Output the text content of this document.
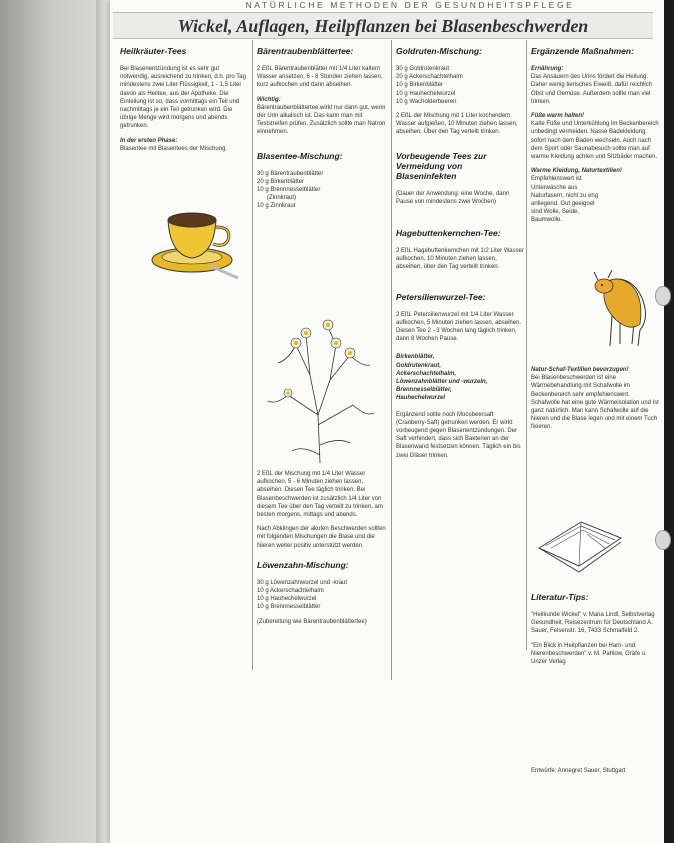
NATÜRLICHE METHODEN DER GESUNDHEITSPFLEGE
Wickel, Auflagen, Heilpflanzen bei Blasenbeschwerden
Heilkräuter-Tees
Bei Blasenentzündung ist es sehr gut notwendig, ausreichend zu trinken, d.h. pro Tag mindestens zwei Liter Flüssigkeit, 1 - 1,5 Liter davon als Heiltee, aus der Apotheke. Die Einteilung ist so, dass vormittags ein Teil und nachmittags je ein Teil getrunken wird. Die übrige Menge wird morgens und abends getrunken.
In der ersten Phase:
Blasentee mit Blasentees der Mischung.
Bärentraubenblättertee:
2 EßL Bärentraubenblätter mit 1/4 Liter kaltem Wasser ansetzen, 6 - 8 Stunden ziehen lassen, kurz aufkochen und dann abseihen.
Wichtig:
Bärentraubenblättertee wirkt nur dann gut, wenn der Urin alkalisch ist. Das kann man mit Teststreifen prüfen. Zusätzlich sollte man Natron einnehmen.
Blasentee-Mischung:
30 g Bärentraubenblätter
20 g Birkenblätter
10 g Brennnesselblätter
(Zinnkraut)
10 g Zinnkraut
2 EßL der Mischung mit 1/4 Liter Wasser aufkochen, 5 - 6 Minuten ziehen lassen, abseihen. Diesen Tee täglich trinken. Bei Blasenbeschwerden ist zusätzlich 1/4 Liter von diesem Tee über den Tag verteilt zu trinken, am besten morgens, mittags und abends.
Nach Abklingen der akuten Beschwerden sollten mit folgenden Mischungen die Blase und die Nieren weiter positiv unterstützt werden.
Löwenzahn-Mischung:
30 g Löwenzahnwurzel und -kraut
10 g Ackerschachtelhalm
10 g Hauhechelwurzel
10 g Brennnesselblätter
(Zubereitung wie Bärentraubenblättertee)
Goldruten-Mischung:
30 g Goldrutenkraut
20 g Ackerschachtelhalm
10 g Birkenblätter
10 g Hauhechelwurzel
10 g Wacholderbeeren
2 EßL der Mischung mit 1 Liter kochendem Wasser aufgießen, 10 Minuten ziehen lassen, abseihen. Über den Tag verteilt trinken.
Vorbeugende Tees zur Vermeidung von Blaseninfekten
(Dauer der Anwendung: eine Woche, dann Pause von mindestens zwei Wochen)
Hagebuttenkernchen-Tee:
2 EßL Hagebuttenkernchen mit 1/2 Liter Wasser aufkochen, 10 Minuten ziehen lassen, abseihen, über den Tag verteilt trinken.
Petersilienwurzel-Tee:
2 EßL Petersilienwurzel mit 1/4 Liter Wasser aufkochen, 5 Minuten ziehen lassen, abseihen. Diesen Tee 2 - 3 Wochen lang täglich trinken, dann 8 Wochen Pause.
Birkenblätter,
Goldrutenkraut,
Ackerschachtelhalm,
Löwenzahnblätter und -wurzeln,
Brennnesselblätter,
Hauhechelwurzel
Ergänzend sollte noch Moosbeersaft (Cranberry-Saft) getrunken werden. Er wirkt vorbeugend gegen Blasenentzündungen. Der Saft verhindert, dass sich Bakterien an der Blasenwand festsetzen können. Täglich ein bis zwei Gläser trinken.
Ergänzende Maßnahmen:
Ernährung:
Das Ansäuern des Urins fördert die Heilung. Daher wenig tierisches Eiweiß, dafür reichlich Obst und Gemüse. Außerdem sollte man viel trinken.
Füße warm halten!
Kalte Füße und Unterkühlung im Beckenbereich unbedingt vermeiden. Nasse Badekleidung sofort nach dem Baden wechseln. Auch nach dem Sport oder Saunabesuch sollte man auf warme Kleidung achten und Sitzbäder machen.
Warme Kleidung, Naturtextilien!
Empfehlenswert ist Unterwäsche aus Naturfasern, nicht zu eng anliegend. Gut geeignet sind Wolle, Seide, Baumwolle.
Natur-Schaf-Textilien bevorzugen!
Bei Blasenbeschwerden ist eine Wärmebehandlung mit Schafwolle im Beckenbereich sehr empfehlenswert. Schafwolle hat eine gute Wärmeisolation und ist ganz natürlich. Man kann Schafwolle auf die Nieren und die Blase legen und mit einem Tuch fixieren.
Literatur-Tips:
"Heilkunde Wickel" v. Maria Lindl, Selbstverlag Gesundheit, Reisezentrum für Deutschland A. Sauer, Felsenstr. 16, 7433 Schmalfeld 2.
"Ein Blick in Heilpflanzen bei Harn- und Nierenbeschwerden" v. M. Pahlow, Gräfe u. Unzer Verlag
Entwürfe: Annegret Sauer, Stuttgart
